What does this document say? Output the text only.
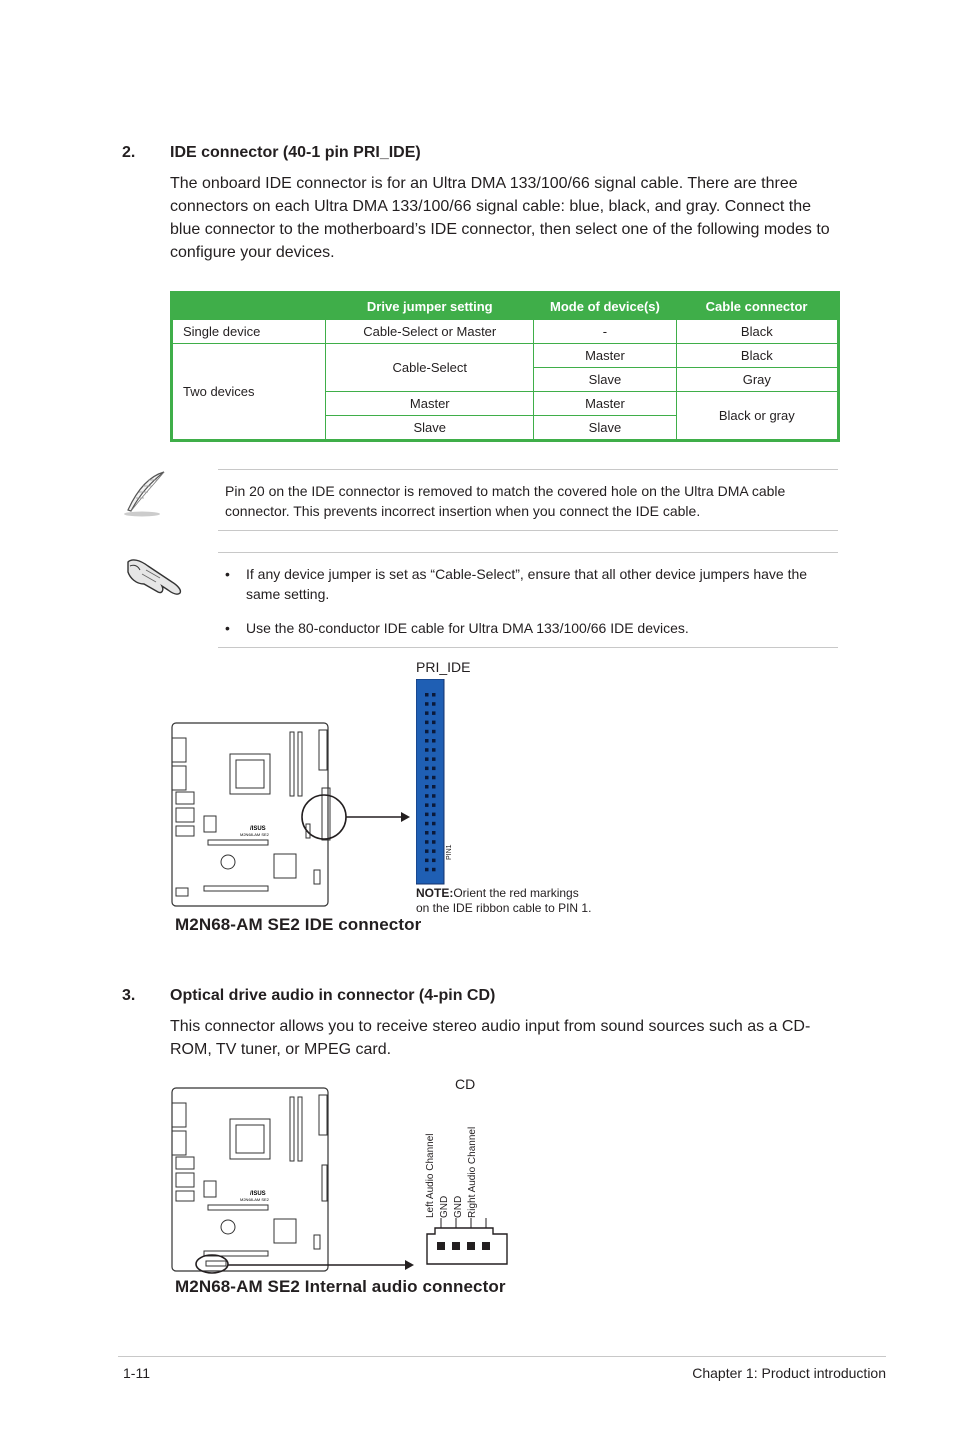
2. IDE connector (40-1 pin PRI_IDE)
The onboard IDE connector is for an Ultra DMA 133/100/66 signal cable. There are three connectors on each Ultra DMA 133/100/66 signal cable: blue, black, and gray. Connect the blue connector to the motherboard’s IDE connector, then select one of the following modes to configure your devices.
	Drive jumper setting	Mode of device(s)	Cable connector
Single device	Cable-Select or Master	-	Black
Two devices	Cable-Select	Master	Black
		Slave	Gray
	Master	Master	Black or gray
	Slave	Slave	
Pin 20 on the IDE connector is removed to match the covered hole on the Ultra DMA cable connector. This prevents incorrect insertion when you connect the IDE cable.
• If any device jumper is set as “Cable-Select”, ensure that all other device jumpers have the same setting.
• Use the 80-conductor IDE cable for Ultra DMA 133/100/66 IDE devices.
/ISUS
M2N68-AM SE2
PRI_IDE
PIN1
NOTE:Orient the red markings
on the IDE ribbon cable to PIN 1.
M2N68-AM SE2 IDE connector
3. Optical drive audio in connector (4-pin CD)
This connector allows you to receive stereo audio input from sound sources such as a CD-ROM, TV tuner, or MPEG card.
/ISUS
M2N68-AM SE2
CD
Left Audio Channel GND GND Right Audio Channel
M2N68-AM SE2 Internal audio connector
1-11	Chapter 1: Product introduction
